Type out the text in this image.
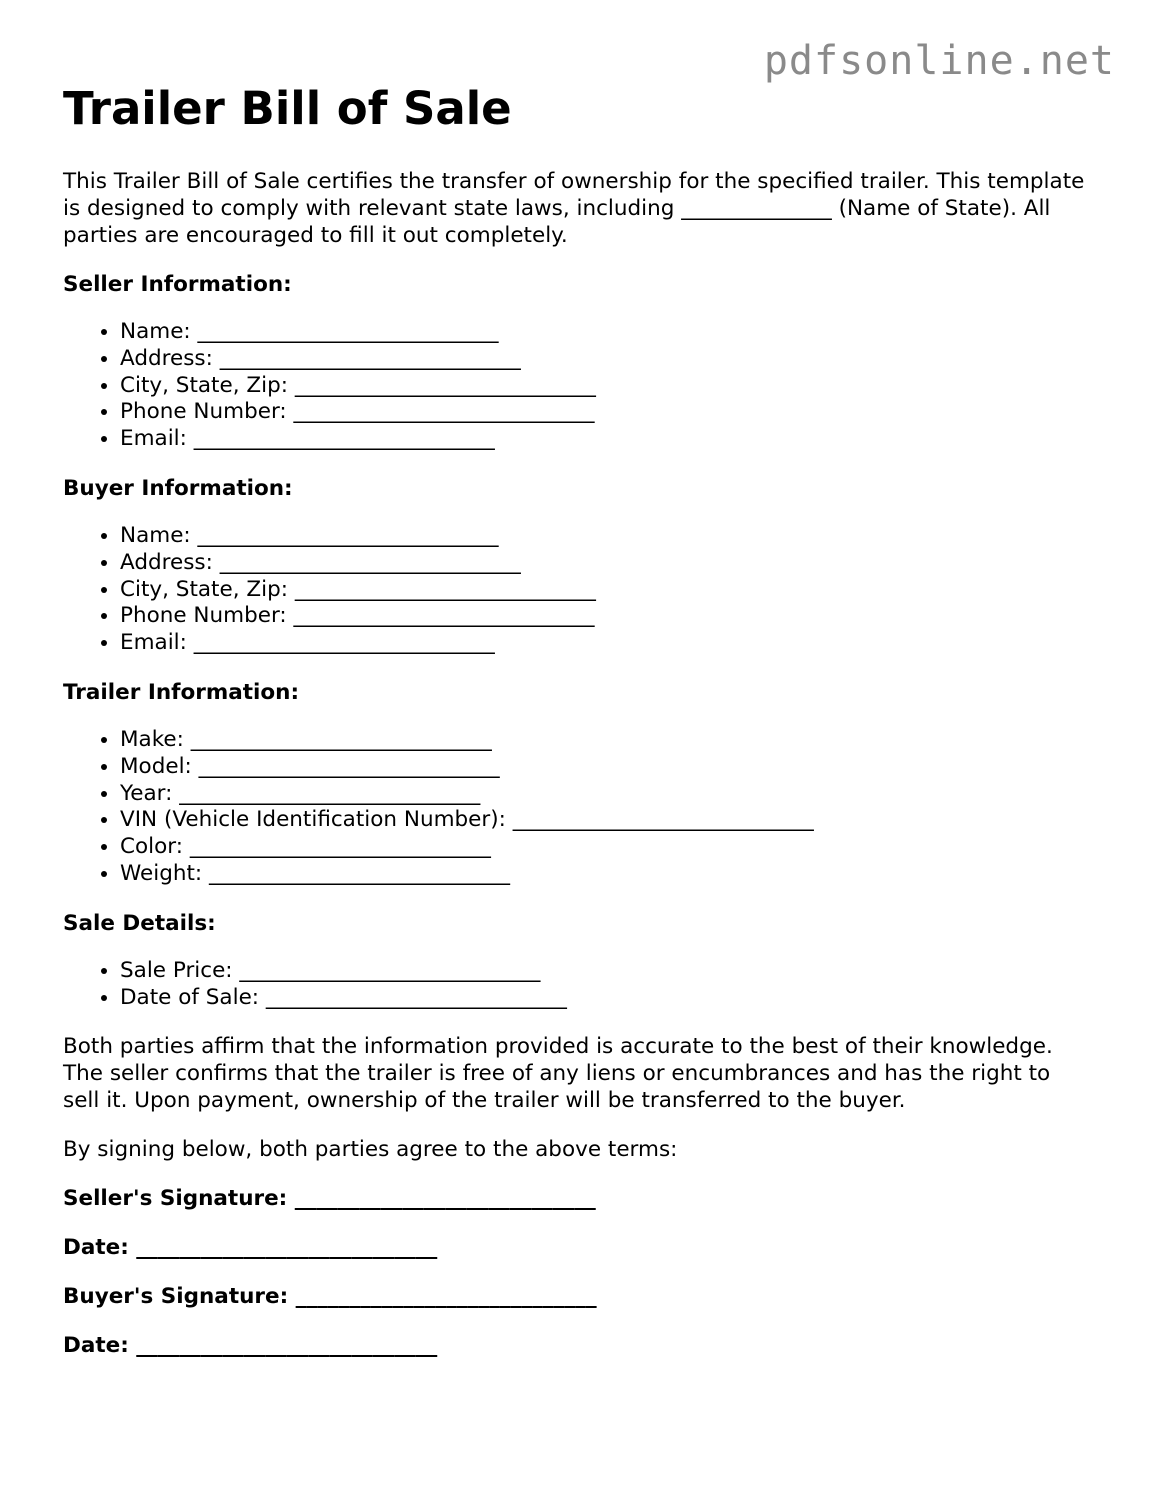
pdfsonline.net
Trailer Bill of Sale

This Trailer Bill of Sale certifies the transfer of ownership for the specified trailer. This template is designed to comply with relevant state laws, including ______________ (Name of State). All parties are encouraged to fill it out completely.

Seller Information:
• Name: ____________________________
• Address: ____________________________
• City, State, Zip: ____________________________
• Phone Number: ____________________________
• Email: ____________________________
Buyer Information:
• Name: ____________________________
• Address: ____________________________
• City, State, Zip: ____________________________
• Phone Number: ____________________________
• Email: ____________________________
Trailer Information:
• Make: ____________________________
• Model: ____________________________
• Year: ____________________________
• VIN (Vehicle Identification Number): ____________________________
• Color: ____________________________
• Weight: ____________________________
Sale Details:
• Sale Price: ____________________________
• Date of Sale: ____________________________

Both parties affirm that the information provided is accurate to the best of their knowledge. The seller confirms that the trailer is free of any liens or encumbrances and has the right to sell it. Upon payment, ownership of the trailer will be transferred to the buyer.

By signing below, both parties agree to the above terms:

Seller's Signature: ____________________________
Date: ____________________________
Buyer's Signature: ____________________________
Date: ____________________________
